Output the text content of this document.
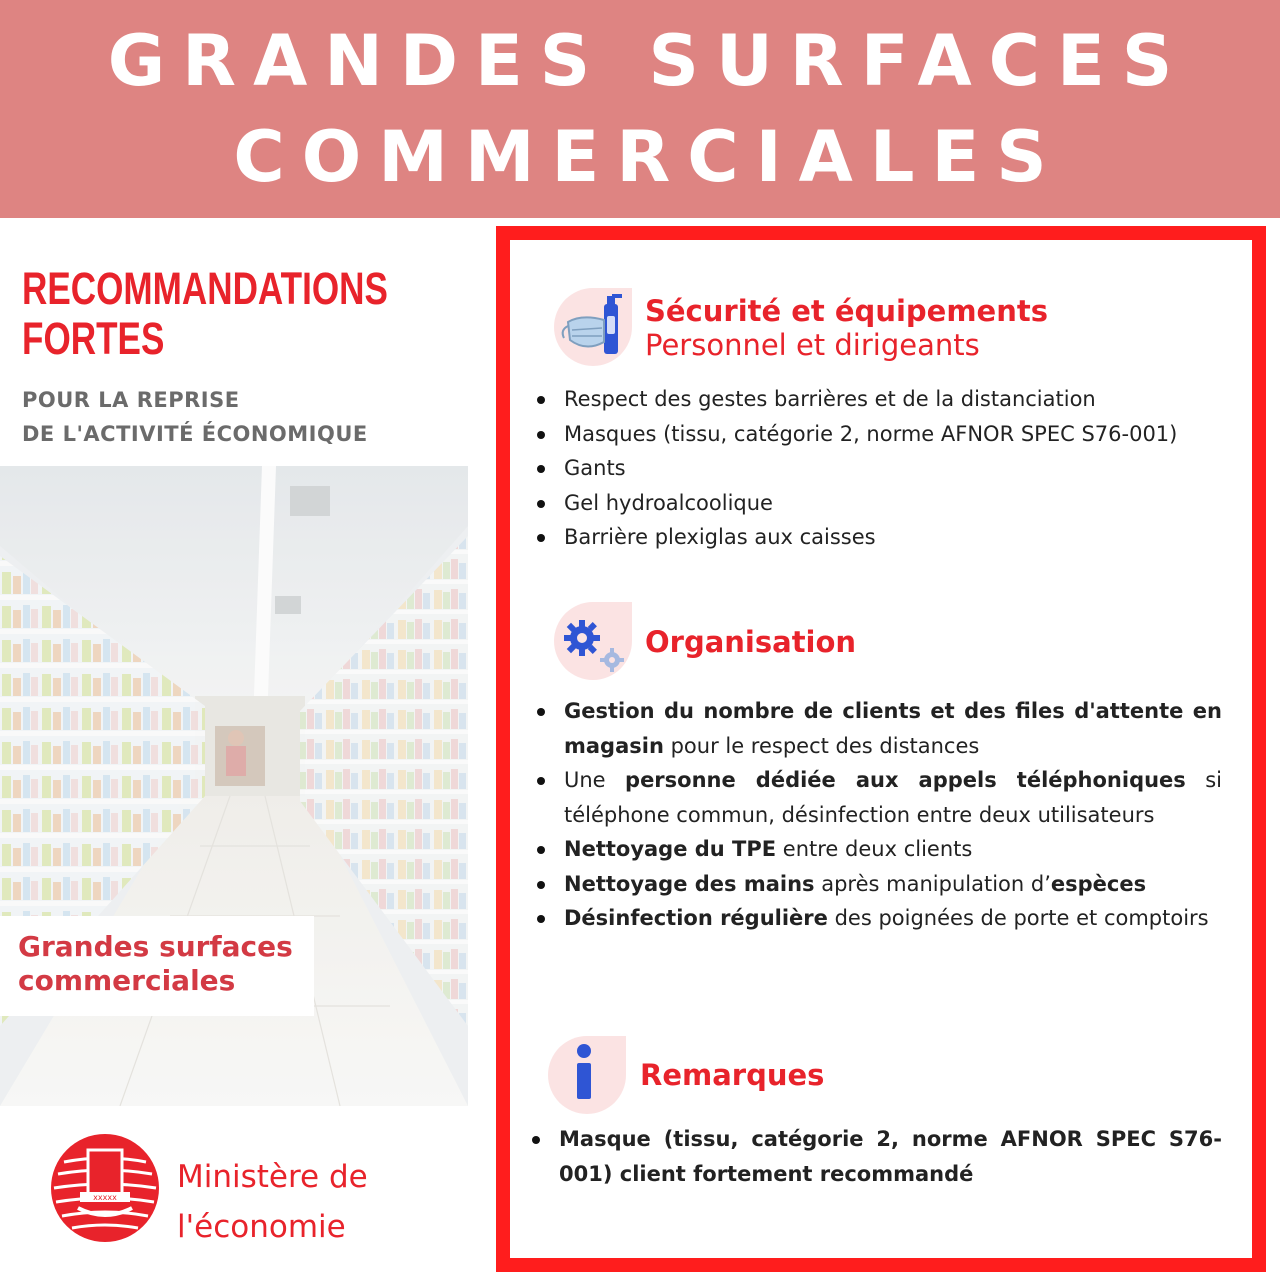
GRANDES SURFACES
COMMERCIALES
RECOMMANDATIONS
FORTES
POUR LA REPRISE
DE L'ACTIVITÉ ÉCONOMIQUE
Grandes surfaces
commerciales
xxxxx
Ministère de
l'économie
Sécurité et équipements
Personnel et dirigeants
Respect des gestes barrières et de la distanciation
Masques (tissu, catégorie 2, norme AFNOR SPEC S76-001)
Gants
Gel hydroalcoolique
Barrière plexiglas aux caisses
Organisation
Gestion du nombre de clients et des files d'attente en magasin pour le respect des distances
Une personne dédiée aux appels téléphoniques si téléphone commun, désinfection entre deux utilisateurs
Nettoyage du TPE entre deux clients
Nettoyage des mains après manipulation d’espèces
Désinfection régulière des poignées de porte et comptoirs
Remarques
Masque (tissu, catégorie 2, norme AFNOR SPEC S76-001) client fortement recommandé
